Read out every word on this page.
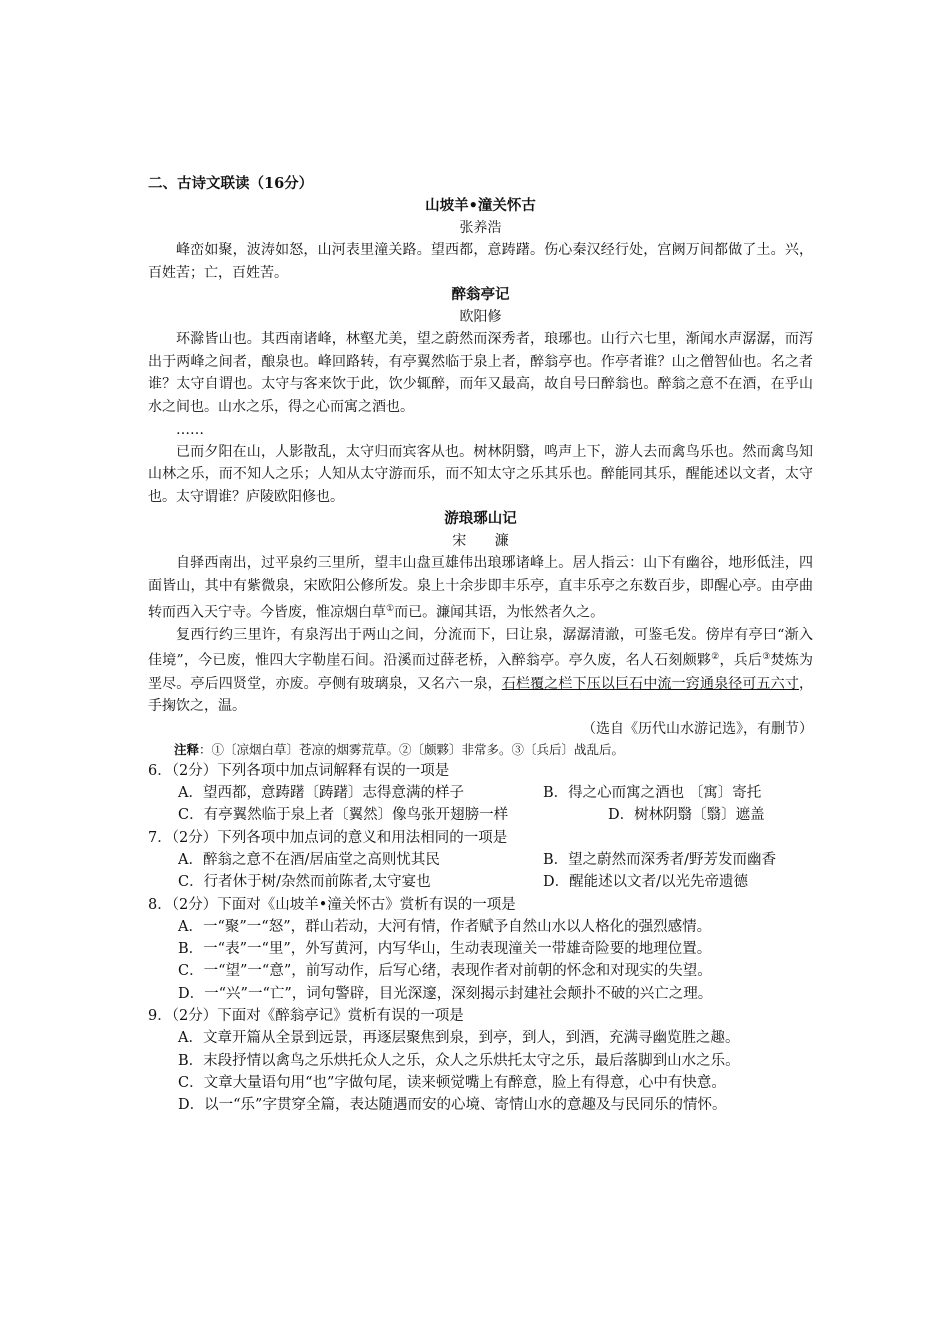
二、古诗文联读（16分）
山坡羊•潼关怀古
张养浩
峰峦如聚，波涛如怒，山河表里潼关路。望西都，意踌躇。伤心秦汉经行处，宫阙万间都做了土。兴，百姓苦；亡，百姓苦。
醉翁亭记
欧阳修
环滁皆山也。其西南诸峰，林壑尤美，望之蔚然而深秀者，琅琊也。山行六七里，渐闻水声潺潺，而泻出于两峰之间者，酿泉也。峰回路转，有亭翼然临于泉上者，醉翁亭也。作亭者谁？山之僧智仙也。名之者谁？太守自谓也。太守与客来饮于此，饮少辄醉，而年又最高，故自号曰醉翁也。醉翁之意不在酒，在乎山水之间也。山水之乐，得之心而寓之酒也。
……
已而夕阳在山，人影散乱，太守归而宾客从也。树林阴翳，鸣声上下，游人去而禽鸟乐也。然而禽鸟知山林之乐，而不知人之乐；人知从太守游而乐，而不知太守之乐其乐也。醉能同其乐，醒能述以文者，太守也。太守谓谁？庐陵欧阳修也。
游琅琊山记
宋 濂
自驿西南出，过平泉约三里所，望丰山盘亘雄伟出琅琊诸峰上。居人指云：山下有幽谷，地形低洼，四面皆山，其中有紫微泉，宋欧阳公修所发。泉上十余步即丰乐亭，直丰乐亭之东数百步，即醒心亭。由亭曲转而西入天宁寺。今皆废，惟凉烟白草①而已。濂闻其语，为怅然者久之。
复西行约三里许，有泉泻出于两山之间，分流而下，曰让泉，潺潺清澈，可鉴毛发。傍岸有亭曰“渐入佳境”，今已废，惟四大字勒崖石间。沿溪而过薛老桥，入醉翁亭。亭久废，名人石刻颇夥②，兵后③焚炼为垩尽。亭后四贤堂，亦废。亭侧有玻璃泉，又名六一泉，石栏覆之栏下压以巨石中流一窍通泉径可五六寸，手掬饮之，温。
（选自《历代山水游记选》，有删节）
注释：①〔凉烟白草〕苍凉的烟雾荒草。②〔颇夥〕非常多。③〔兵后〕战乱后。
6．（2分）下列各项中加点词解释有误的一项是
A．望西都，意踌躇〔踌躇〕志得意满的样子	B．得之心而寓之酒也 〔寓〕寄托
C．有亭翼然临于泉上者〔翼然〕像鸟张开翅膀一样	D．树林阴翳〔翳〕遮盖
7．（2分）下列各项中加点词的意义和用法相同的一项是
A．醉翁之意不在酒/居庙堂之高则忧其民	B．望之蔚然而深秀者/野芳发而幽香
C．行者休于树/杂然而前陈者,太守宴也	D．醒能述以文者/以光先帝遗德
8．（2分）下面对《山坡羊•潼关怀古》赏析有误的一项是
A．一“聚”一“怒”，群山若动，大河有情，作者赋予自然山水以人格化的强烈感情。
B．一“表”一“里”，外写黄河，内写华山，生动表现潼关一带雄奇险要的地理位置。
C．一“望”一“意”，前写动作，后写心绪，表现作者对前朝的怀念和对现实的失望。
D．一“兴”一“亡”，词句警辟，目光深邃，深刻揭示封建社会颠扑不破的兴亡之理。
9．（2分）下面对《醉翁亭记》赏析有误的一项是
A．文章开篇从全景到远景，再逐层聚焦到泉，到亭，到人，到酒，充满寻幽览胜之趣。
B．末段抒情以禽鸟之乐烘托众人之乐，众人之乐烘托太守之乐，最后落脚到山水之乐。
C．文章大量语句用“也”字做句尾，读来顿觉嘴上有醉意，脸上有得意，心中有快意。
D．以一“乐”字贯穿全篇，表达随遇而安的心境、寄情山水的意趣及与民同乐的情怀。
